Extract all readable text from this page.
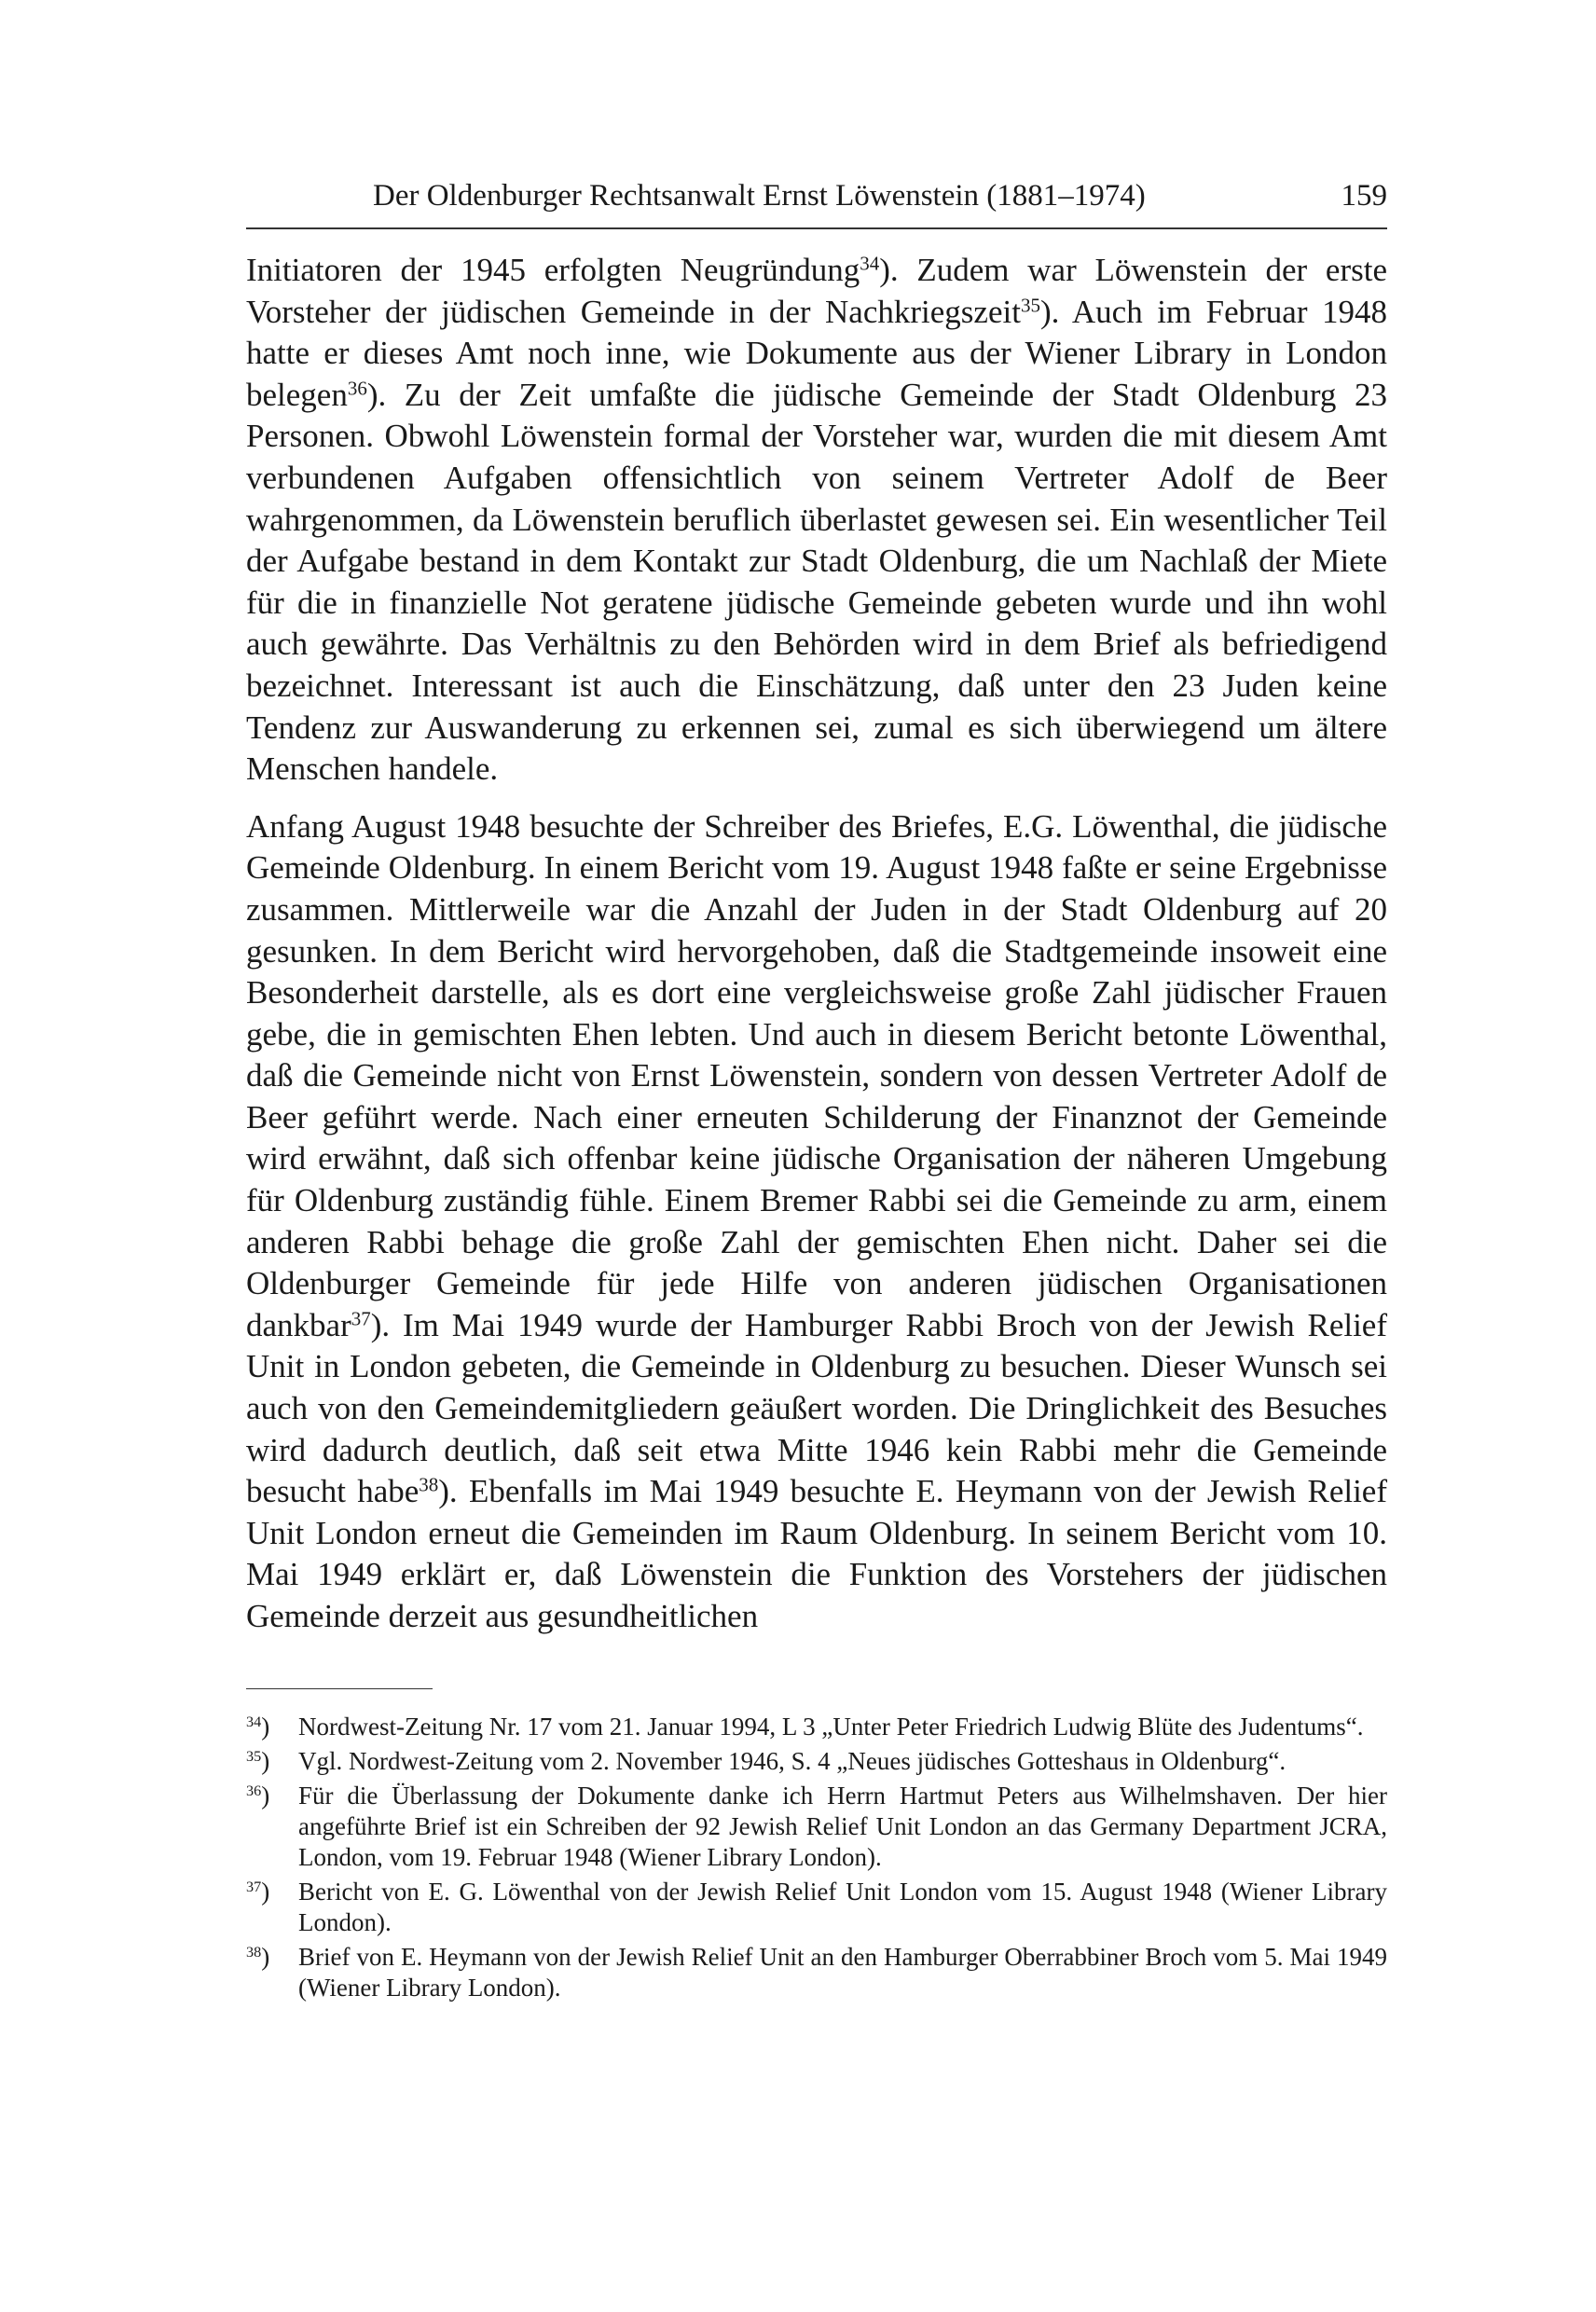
Der Oldenburger Rechtsanwalt Ernst Löwenstein (1881–1974)	159

Initiatoren der 1945 erfolgten Neugründung$^{34}$). Zudem war Löwenstein der erste Vorsteher der jüdischen Gemeinde in der Nachkriegszeit$^{35}$). Auch im Februar 1948 hatte er dieses Amt noch inne, wie Dokumente aus der Wiener Library in London belegen$^{36}$). Zu der Zeit umfaßte die jüdische Gemeinde der Stadt Oldenburg 23 Personen. Obwohl Löwenstein formal der Vorsteher war, wurden die mit diesem Amt verbundenen Aufgaben offensichtlich von seinem Vertreter Adolf de Beer wahrgenommen, da Löwenstein beruflich überlastet gewesen sei. Ein wesentlicher Teil der Aufgabe bestand in dem Kontakt zur Stadt Oldenburg, die um Nachlaß der Miete für die in finanzielle Not geratene jüdische Gemeinde gebeten wurde und ihn wohl auch gewährte. Das Verhältnis zu den Behörden wird in dem Brief als befriedigend bezeichnet. Interessant ist auch die Einschätzung, daß unter den 23 Juden keine Tendenz zur Auswanderung zu erkennen sei, zumal es sich überwiegend um ältere Menschen handele.

Anfang August 1948 besuchte der Schreiber des Briefes, E.G. Löwenthal, die jüdische Gemeinde Oldenburg. In einem Bericht vom 19. August 1948 faßte er seine Ergebnisse zusammen. Mittlerweile war die Anzahl der Juden in der Stadt Oldenburg auf 20 gesunken. In dem Bericht wird hervorgehoben, daß die Stadtgemeinde insoweit eine Besonderheit darstelle, als es dort eine vergleichsweise große Zahl jüdischer Frauen gebe, die in gemischten Ehen lebten. Und auch in diesem Bericht betonte Löwenthal, daß die Gemeinde nicht von Ernst Löwenstein, sondern von dessen Vertreter Adolf de Beer geführt werde. Nach einer erneuten Schilderung der Finanznot der Gemeinde wird erwähnt, daß sich offenbar keine jüdische Organisation der näheren Umgebung für Oldenburg zuständig fühle. Einem Bremer Rabbi sei die Gemeinde zu arm, einem anderen Rabbi behage die große Zahl der gemischten Ehen nicht. Daher sei die Oldenburger Gemeinde für jede Hilfe von anderen jüdischen Organisationen dankbar$^{37}$). Im Mai 1949 wurde der Hamburger Rabbi Broch von der Jewish Relief Unit in London gebeten, die Gemeinde in Oldenburg zu besuchen. Dieser Wunsch sei auch von den Gemeindemitgliedern geäußert worden. Die Dringlichkeit des Besuches wird dadurch deutlich, daß seit etwa Mitte 1946 kein Rabbi mehr die Gemeinde besucht habe$^{38}$). Ebenfalls im Mai 1949 besuchte E. Heymann von der Jewish Relief Unit London erneut die Gemeinden im Raum Oldenburg. In seinem Bericht vom 10. Mai 1949 erklärt er, daß Löwenstein die Funktion des Vorstehers der jüdischen Gemeinde derzeit aus gesundheitlichen

$^{34}$)	Nordwest-Zeitung Nr. 17 vom 21. Januar 1994, L 3 „Unter Peter Friedrich Ludwig Blüte des Judentums“.
$^{35}$)	Vgl. Nordwest-Zeitung vom 2. November 1946, S. 4 „Neues jüdisches Gotteshaus in Oldenburg“.
$^{36}$)	Für die Überlassung der Dokumente danke ich Herrn Hartmut Peters aus Wilhelmshaven. Der hier angeführte Brief ist ein Schreiben der 92 Jewish Relief Unit London an das Germany Department JCRA, London, vom 19. Februar 1948 (Wiener Library London).
$^{37}$)	Bericht von E. G. Löwenthal von der Jewish Relief Unit London vom 15. August 1948 (Wiener Library London).
$^{38}$)	Brief von E. Heymann von der Jewish Relief Unit an den Hamburger Oberrabbiner Broch vom 5. Mai 1949 (Wiener Library London).
